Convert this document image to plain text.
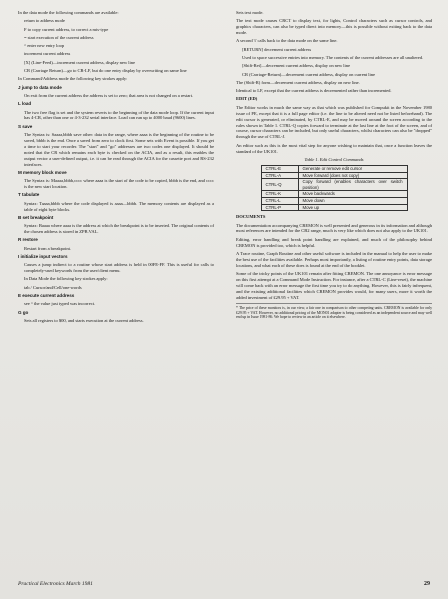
In the data mode the following commands are available:

return to address mode

F to copy current address, to correct a mis-type

= start execution of the current address

^ enter new entry loop

increment current address

[X] (Line-Feed)—increment current address, display new line

CR (Carriage Return)—go to CR-LF, but do one entry display by overwriting on same line

In Command/Address mode the following key strokes apply:

J jump to data mode

On exit from the current address the address is set to zero; that area is not changed on a restart.

L load

The two free flag is set and the system reverts to the beginning of the data mode loop. If the current input has 4-CR, other than one or 4-3-232 serial interface. Load can run up to 4000 baud (9600) lines.

S save

The Syntax is: Saaaa,bbbb save other: data in the range, where aaaa is the beginning of the routine to be saved, bbbb is the end. Once a saved from zero to clock first. Some sets with Event is possible. If you get a time to start your recorder. The "start" and "go" addresses are two codes one displayed. It should be noted that the CR which remains each byte is checked on the ACIA, and as a result, this enables the output vector a user-defined output, i.e. it can be read through the ACIA for the cassette port and RS-232 interfaces.

M memory block move

The Syntax is: Maaaa,bbbb,cccc where aaaa is the start of the code to be copied, bbbb is the end, and cccc is the new start location.

T tabulate

Syntax: Taaaa,bbbb where the code displayed is aaaa—bbbb. The memory contents are displayed as a table of eight byte blocks.

B set breakpoint

Syntax: Baaaa where aaaa is the address at which the breakpoint is to be inserted. The original contents of the chosen address is stored in ZPB.VAL.

R restore

Restart from a breakpoint.

I initialize input vectors

Causes a jump indirect to a routine whose start address is held in 00FE-FF. This is useful for calls to completely-used keywords from the user/client menu.

In Data Mode the following key strokes apply:

tab / Cursor/and/Cell/one-words

E execute current address

see ^ the value just typed was incorrect.

G go

Sets all registers to $00, and starts execution at the current address.

Sets text mode.

The text mode causes CRCT to display text, for lights, Control characters such as cursor controls, and graphics characters, can also be typed direct into memory—this is possible without exiting back to the data mode.

A second 't' calls back to the data mode on the same line.

[RETURN] decrement current address

Used to space successive entries into memory. The contents of the current addresses are all unaltered.

[Shift-Ret]—decrement current address, display on new line

CR (Carriage-Return)—decrement current address, display on current line

The (Shift-R) form—decrement current address, display on new line.

Identical to LF, except that the current address is decremented rather than incremented.

EDIT (ED)

The Editor works in much the same way as that which was published for Compukit in the November 1980 issue of PE, except that it is a full page editor (i.e. the line to be altered need not be listed beforehand). The edit cursor is generated, or eliminated, by CTRL-E, and may be moved around the screen according to the rules shown in Table 1. CTRL-Q copies forward to terminate at the last line at the foot of the screen, and of course, cursor characters can be included, but only useful characters, whilst characters can also be "dropped" through the use of CTRL-J.

An editor such as this is the most vital step for anyone wishing to maintain that, once a function leaves the standard of the UK101.

Table 1. Edit Control Commands

CTRL-E	Generate or remove edit cursor
CTRL-A	Move forward (does not copy)
CTRL-Q	Copy forward (enables characters over switch position)
CTRL-K	Move backwards
CTRL-L	Move down
CTRL-P	Move up

DOCUMENTS

The documentation accompanying CREMON is well presented and generous in its information and although most references are intended for the CB2 range, much is very like which does not also apply to the UK101.

Editing, error handling and break point handling are explained, and much of the philosophy behind CREMON is provided too, which is helpful.

A Trace routine, Graph Routine and other useful software is included in the manual to help the user to make the best use of the facilities available. Perhaps most importantly, a listing of routine entry points, data storage locations, and what each of these does is found at the end of the booklet.

Some of the tricky points of the UK101 remain after fitting CREMON. The one annoyance is error message on this first attempt at a Command Mode Instruction. For instance, after a CTRL-C (Line-reset), the machine will come back with an error message the first time you try to do anything. However, this is fairly infrequent, and the existing additional facilities which CREMON provides would, for many users, more it worth the added investment of £29.95 + VAT.

* The price of these monitors is, in our view, a fair one in comparison to other competing units. CREMON is available for only £29.95 + VAT. However, no additional pricing of the MON01 adapter is being considered as an independent source and may well end up in Issue 1981-86. We hope to review in an article on it elsewhere.

Practical Electronics March 1981	29
